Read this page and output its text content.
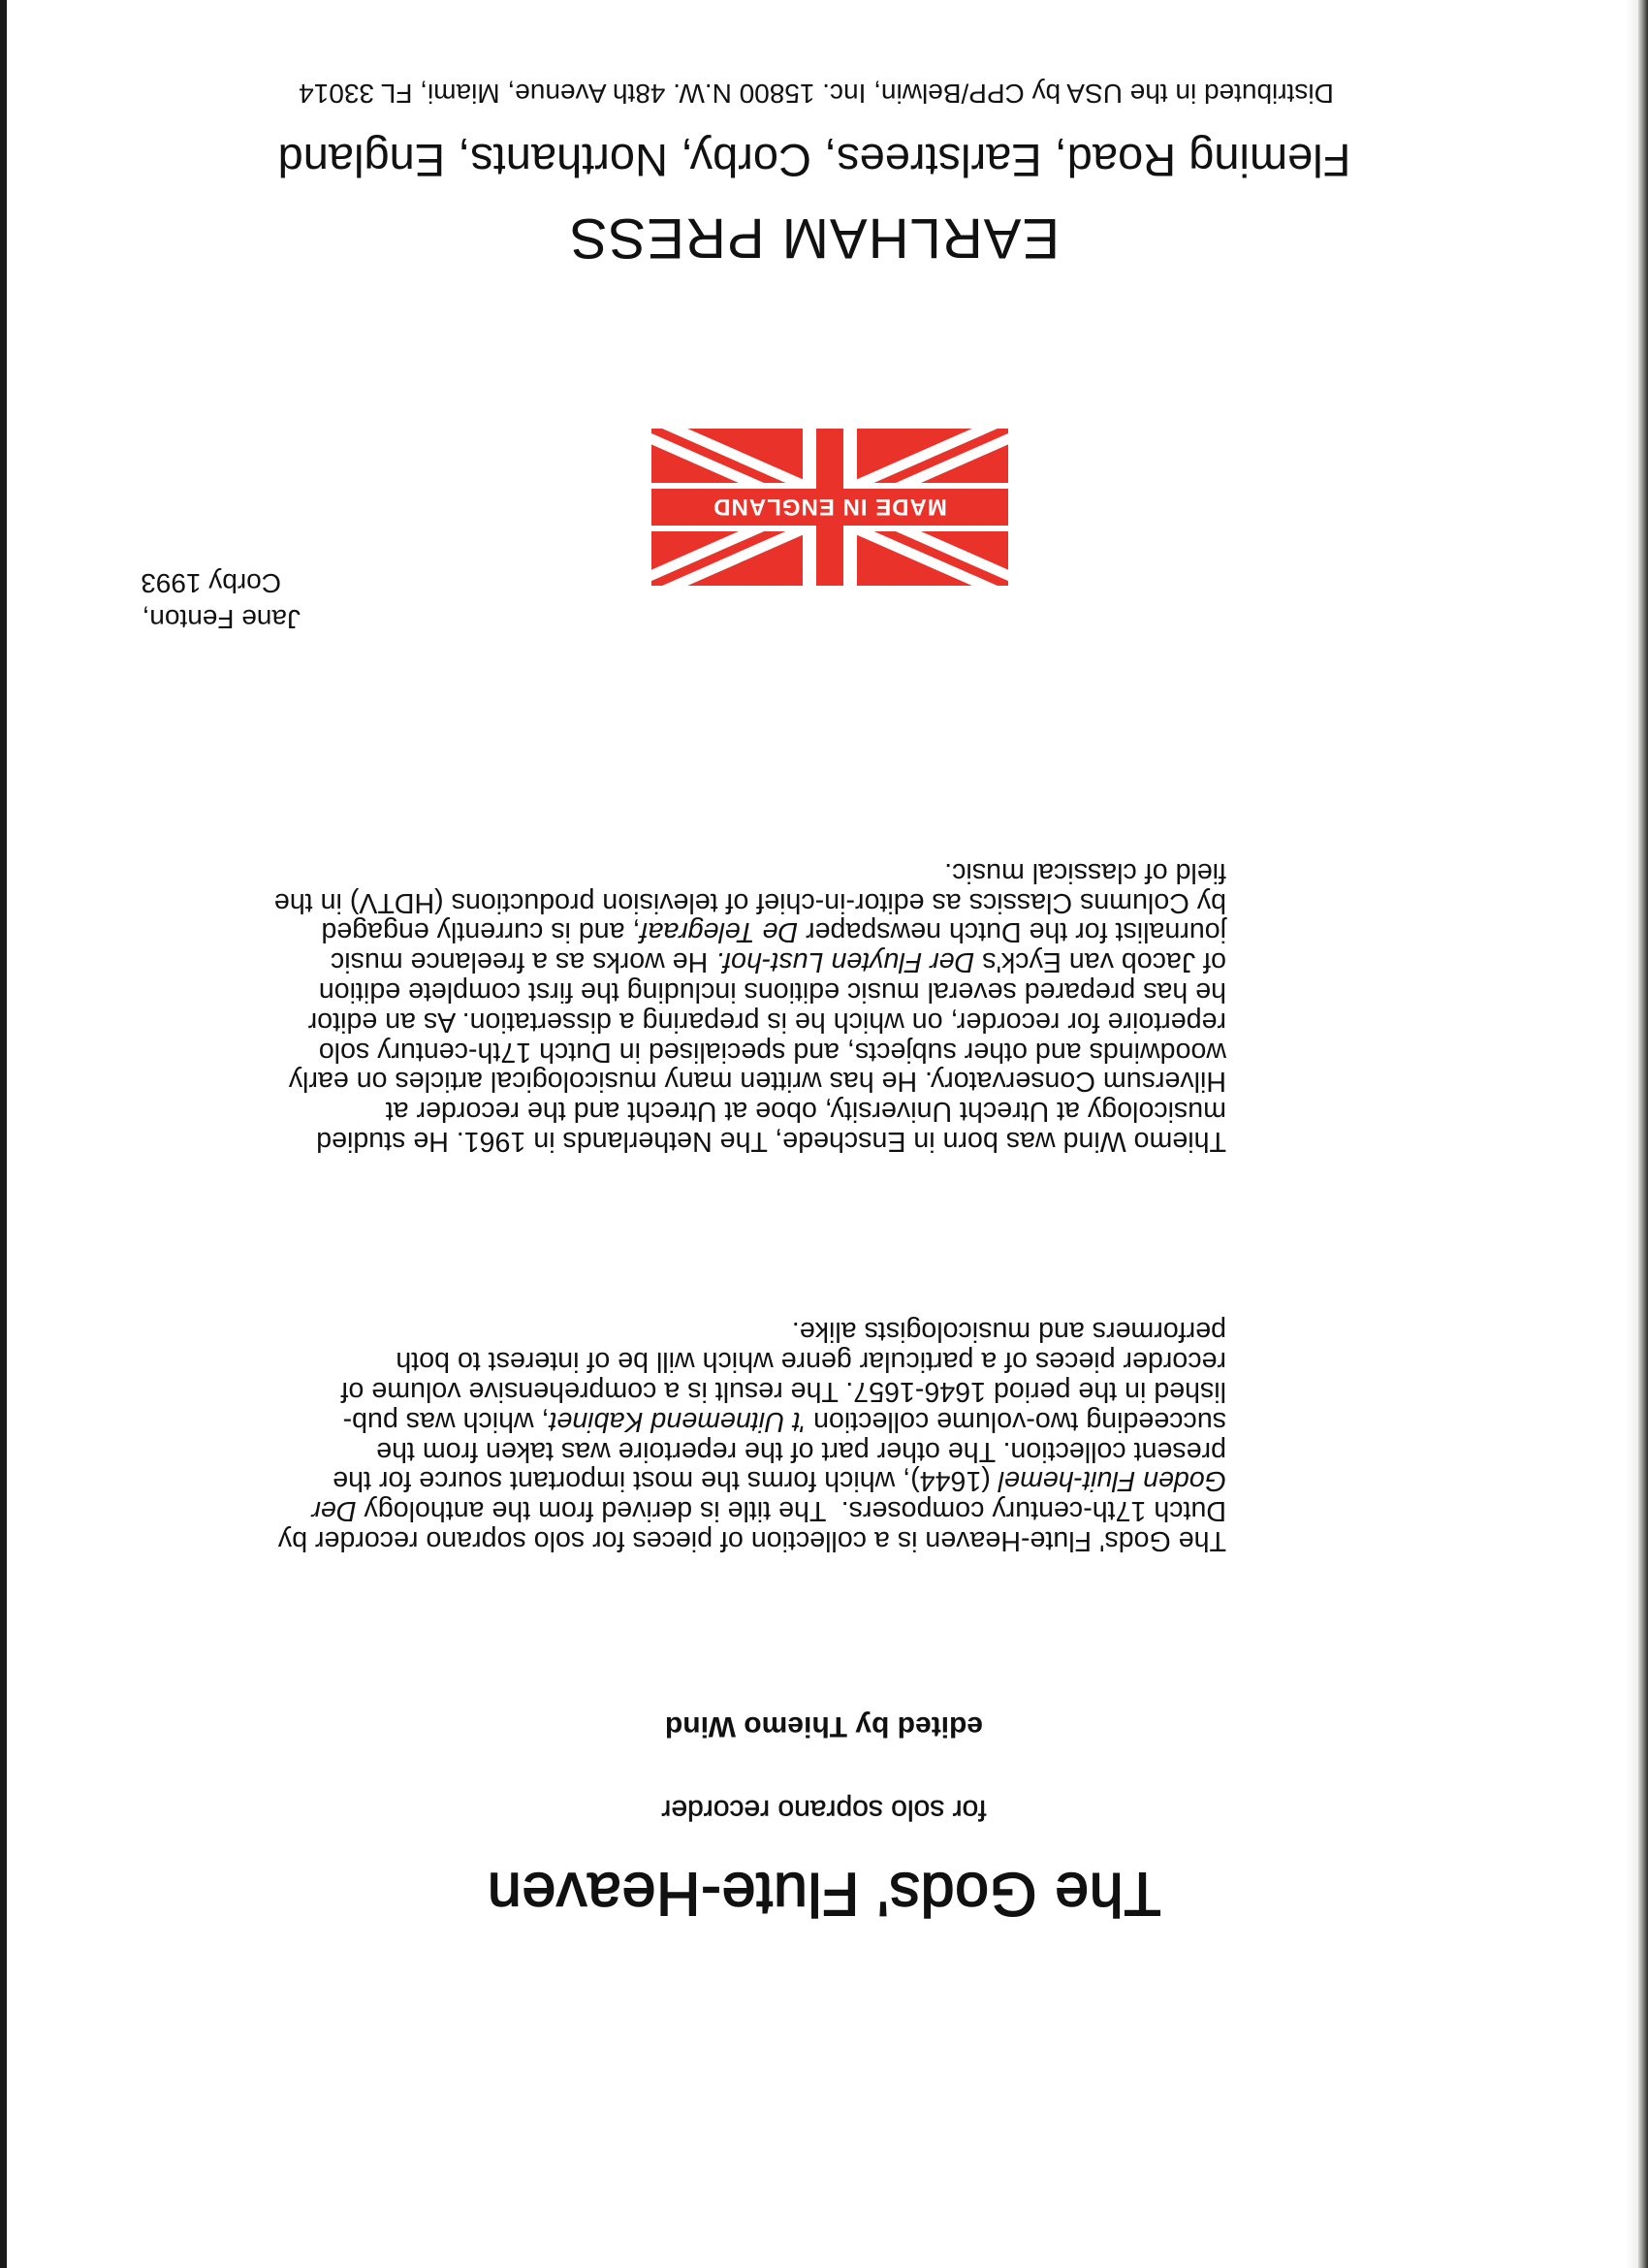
The Gods' Flute-Heaven
for solo soprano recorder
edited by Thiemo Wind
The Gods' Flute-Heaven is a collection of pieces for solo soprano recorder by
Dutch 17th-century composers.  The title is derived from the anthology Der
Goden Fluit-hemel (1644), which forms the most important source for the
present collection. The other part of the repertoire was taken from the
succeeding two-volume collection 't Uitnemend Kabinet, which was pub-
lished in the period 1646-1657. The result is a comprehensive volume of
recorder pieces of a particular genre which will be of interest to both
performers and musicologists alike.
Thiemo Wind was born in Enschede, The Netherlands in 1961. He studied
musicology at Utrecht University, oboe at Utrecht and the recorder at
Hilversum Conservatory. He has written many musicological articles on early
woodwinds and other subjects, and specialised in Dutch 17th-century solo
repertoire for recorder, on which he is preparing a dissertation. As an editor
he has prepared several music editions including the first complete edition
of Jacob van Eyck's Der Fluyten Lust-hof. He works as a freelance music
journalist for the Dutch newspaper De Telegraaf, and is currently engaged
by Columns Classics as editor-in-chief of television productions (HDTV) in the
field of classical music.
Jane Fenton,
Corby 1993
MADE IN ENGLAND
EARLHAM PRESS
Fleming Road, Earlstrees, Corby, Northants, England
Distributed in the USA by CPP/Belwin, Inc. 15800 N.W. 48th Avenue, Miami, FL 33014
